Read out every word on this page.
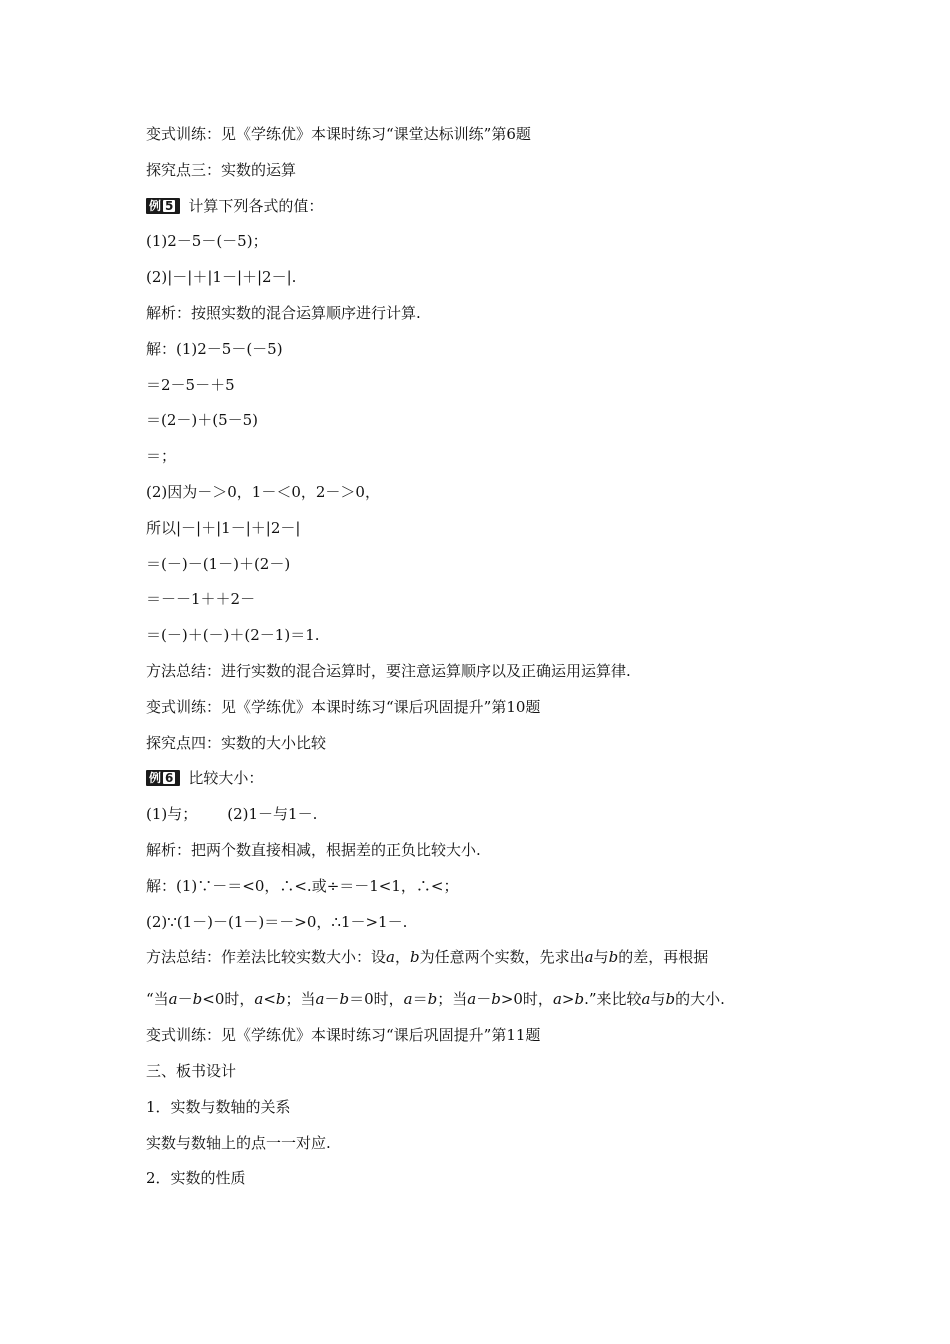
变式训练：见《学练优》本课时练习“课堂达标训练”第6题
探究点三：实数的运算
例 5 计算下列各式的值：
(1)2－5－(－5)；
(2)|－|＋|1－|＋|2－|.
解析：按照实数的混合运算顺序进行计算.
解：(1)2－5－(－5)
＝2－5－＋5
＝(2－)＋(5－5)
＝；
(2)因为－＞0，1－＜0，2－＞0，
所以|－|＋|1－|＋|2－|
＝(－)－(1－)＋(2－)
＝－－1＋＋2－
＝(－)＋(－)＋(2－1)＝1.
方法总结：进行实数的混合运算时，要注意运算顺序以及正确运用运算律.
变式训练：见《学练优》本课时练习“课后巩固提升”第10题
探究点四：实数的大小比较
例 6 比较大小：
(1)与； (2)1－与1－.
解析：把两个数直接相减，根据差的正负比较大小.
解：(1)∵－＝<0，∴<.或÷＝－1<1，∴<；
(2)∵(1－)－(1－)＝－>0，∴1－>1－.
方法总结：作差法比较实数大小：设a，b为任意两个实数，先求出a与b的差，再根据
“当a－b<0时，a<b；当a－b＝0时，a＝b；当a－b>0时，a>b.”来比较a与b的大小.
变式训练：见《学练优》本课时练习“课后巩固提升”第11题
三、板书设计
1．实数与数轴的关系
实数与数轴上的点一一对应.
2．实数的性质
